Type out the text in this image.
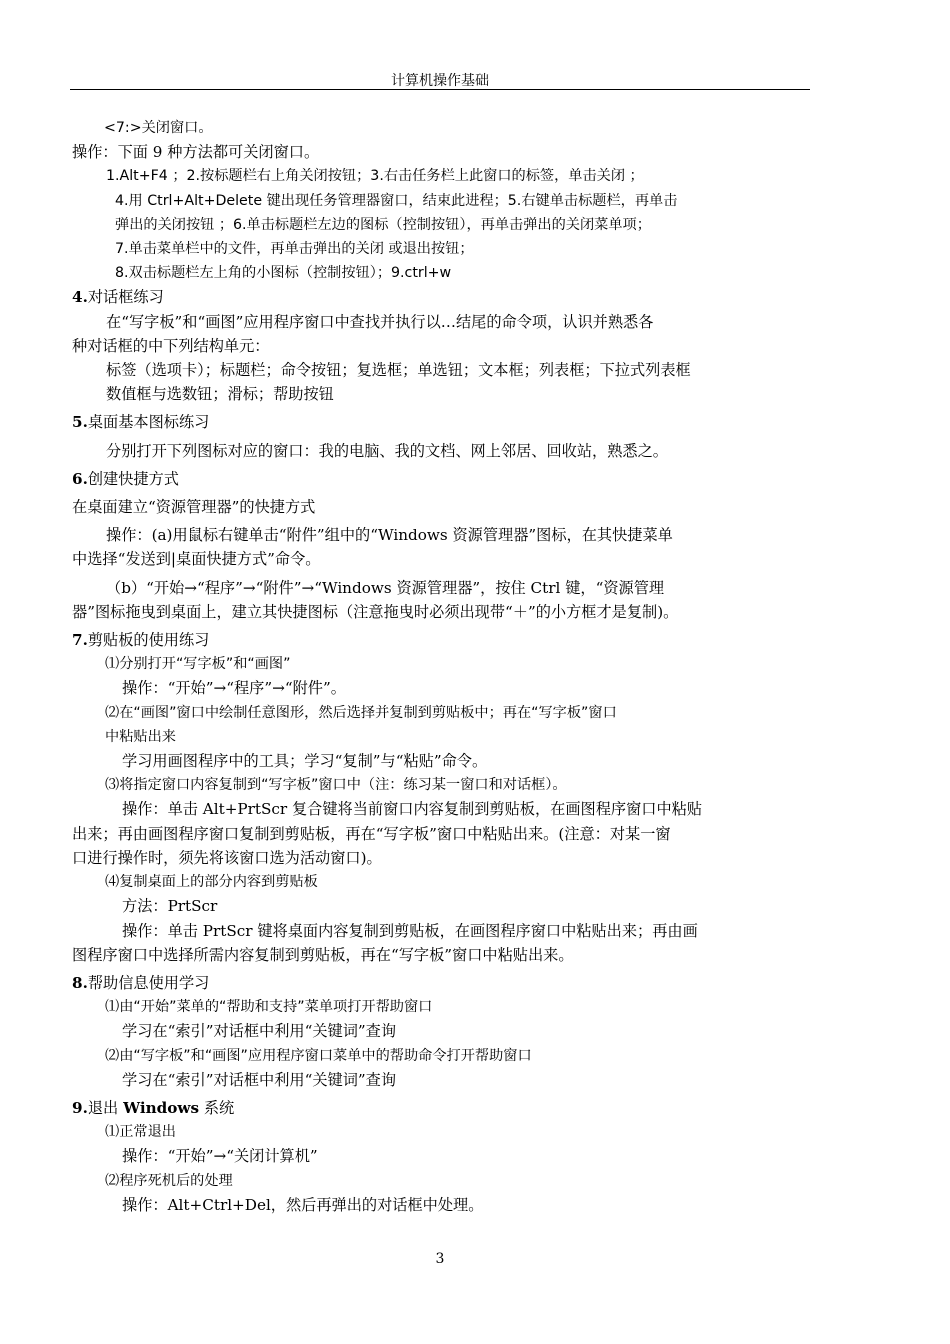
计算机操作基础

<7:>关闭窗口。

操作：下面 9 种方法都可关闭窗口。

1.Alt+F4 ；2.按标题栏右上角关闭按钮；3.右击任务栏上此窗口的标签，单击关闭 ；

4.用 Ctrl+Alt+Delete 键出现任务管理器窗口，结束此进程；5.右键单击标题栏，再单击

弹出的关闭按钮 ；6.单击标题栏左边的图标（控制按钮），再单击弹出的关闭菜单项；

7.单击菜单栏中的文件，再单击弹出的关闭 或退出按钮；

8.双击标题栏左上角的小图标（控制按钮）；9.ctrl+w

4.对话框练习

在“写字板”和“画图”应用程序窗口中查找并执行以…结尾的命令项，认识并熟悉各
种对话框的中下列结构单元：

标签（选项卡）；标题栏；命令按钮；复选框；单选钮；文本框；列表框；下拉式列表框

数值框与选数钮；滑标；帮助按钮

5.桌面基本图标练习

分别打开下列图标对应的窗口：我的电脑、我的文档、网上邻居、回收站，熟悉之。

6.创建快捷方式

在桌面建立“资源管理器”的快捷方式

操作：(a)用鼠标右键单击“附件”组中的“Windows 资源管理器”图标，在其快捷菜单
中选择“发送到|桌面快捷方式”命令。

（b）“开始→“程序”→“附件”→“Windows 资源管理器”，按住 Ctrl 键，“资源管理
器”图标拖曳到桌面上，建立其快捷图标（注意拖曳时必须出现带“＋”的小方框才是复制)。

7.剪贴板的使用练习

⑴分别打开“写字板”和“画图”

操作：“开始”→“程序”→“附件”。

⑵在“画图”窗口中绘制任意图形，然后选择并复制到剪贴板中；再在“写字板”窗口

中粘贴出来

学习用画图程序中的工具；学习“复制”与“粘贴”命令。

⑶将指定窗口内容复制到“写字板”窗口中（注：练习某一窗口和对话框）。

操作：单击 Alt+PrtScr 复合键将当前窗口内容复制到剪贴板，在画图程序窗口中粘贴

出来；再由画图程序窗口复制到剪贴板，再在“写字板”窗口中粘贴出来。(注意：对某一窗

口进行操作时，须先将该窗口选为活动窗口)。

⑷复制桌面上的部分内容到剪贴板

方法：PrtScr

操作：单击 PrtScr 键将桌面内容复制到剪贴板，在画图程序窗口中粘贴出来；再由画

图程序窗口中选择所需内容复制到剪贴板，再在“写字板”窗口中粘贴出来。

8.帮助信息使用学习

⑴由“开始”菜单的“帮助和支持”菜单项打开帮助窗口

学习在“索引”对话框中利用“关键词”查询

⑵由“写字板”和“画图”应用程序窗口菜单中的帮助命令打开帮助窗口

学习在“索引”对话框中利用“关键词”查询

9.退出 Windows 系统

⑴正常退出

操作：“开始”→“关闭计算机”

⑵程序死机后的处理

操作：Alt+Ctrl+Del，然后再弹出的对话框中处理。

3
